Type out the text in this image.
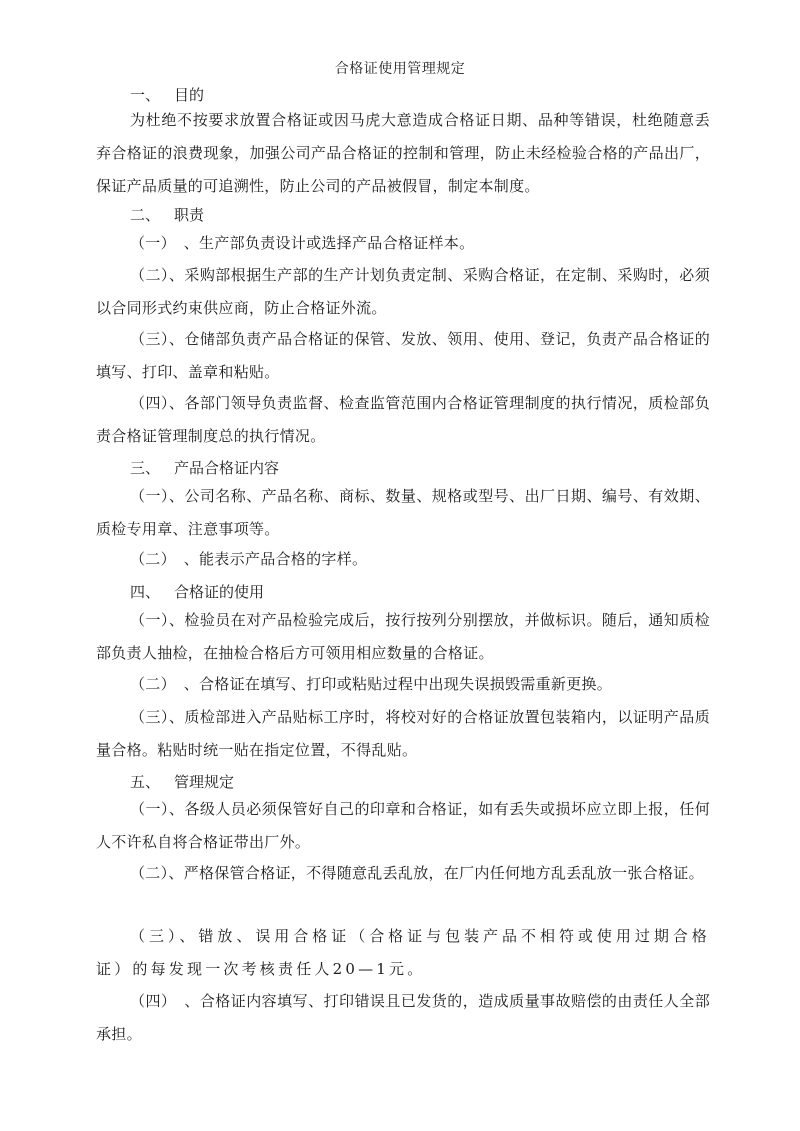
合格证使用管理规定
一、 目的
为杜绝不按要求放置合格证或因马虎大意造成合格证日期、品种等错误，杜绝随意丢弃合格证的浪费现象，加强公司产品合格证的控制和管理，防止未经检验合格的产品出厂，保证产品质量的可追溯性，防止公司的产品被假冒，制定本制度。
二、 职责
（一）　、生产部负责设计或选择产品合格证样本。
（二）、采购部根据生产部的生产计划负责定制、采购合格证，在定制、采购时，必须以合同形式约束供应商，防止合格证外流。
（三）、仓储部负责产品合格证的保管、发放、领用、使用、登记，负责产品合格证的填写、打印、盖章和粘贴。
（四）、各部门领导负责监督、检查监管范围内合格证管理制度的执行情况，质检部负责合格证管理制度总的执行情况。
三、 产品合格证内容
（一）、公司名称、产品名称、商标、数量、规格或型号、出厂日期、编号、有效期、质检专用章、注意事项等。
（二）　、能表示产品合格的字样。
四、 合格证的使用
（一）、检验员在对产品检验完成后，按行按列分别摆放，并做标识。随后，通知质检部负责人抽检，在抽检合格后方可领用相应数量的合格证。
（二）　、合格证在填写、打印或粘贴过程中出现失误损毁需重新更换。
（三）、质检部进入产品贴标工序时，将校对好的合格证放置包装箱内，以证明产品质量合格。粘贴时统一贴在指定位置，不得乱贴。
五、 管理规定
（一）、各级人员必须保管好自己的印章和合格证，如有丢失或损坏应立即上报，任何人不许私自将合格证带出厂外。
（二）、严格保管合格证，不得随意乱丢乱放，在厂内任何地方乱丢乱放一张合格证。
（三）、错放、误用合格证（合格证与包装产品不相符或使用过期合格证）的每发现一次考核责任人20—1元。
（四）　、合格证内容填写、打印错误且已发货的，造成质量事故赔偿的由责任人全部承担。
